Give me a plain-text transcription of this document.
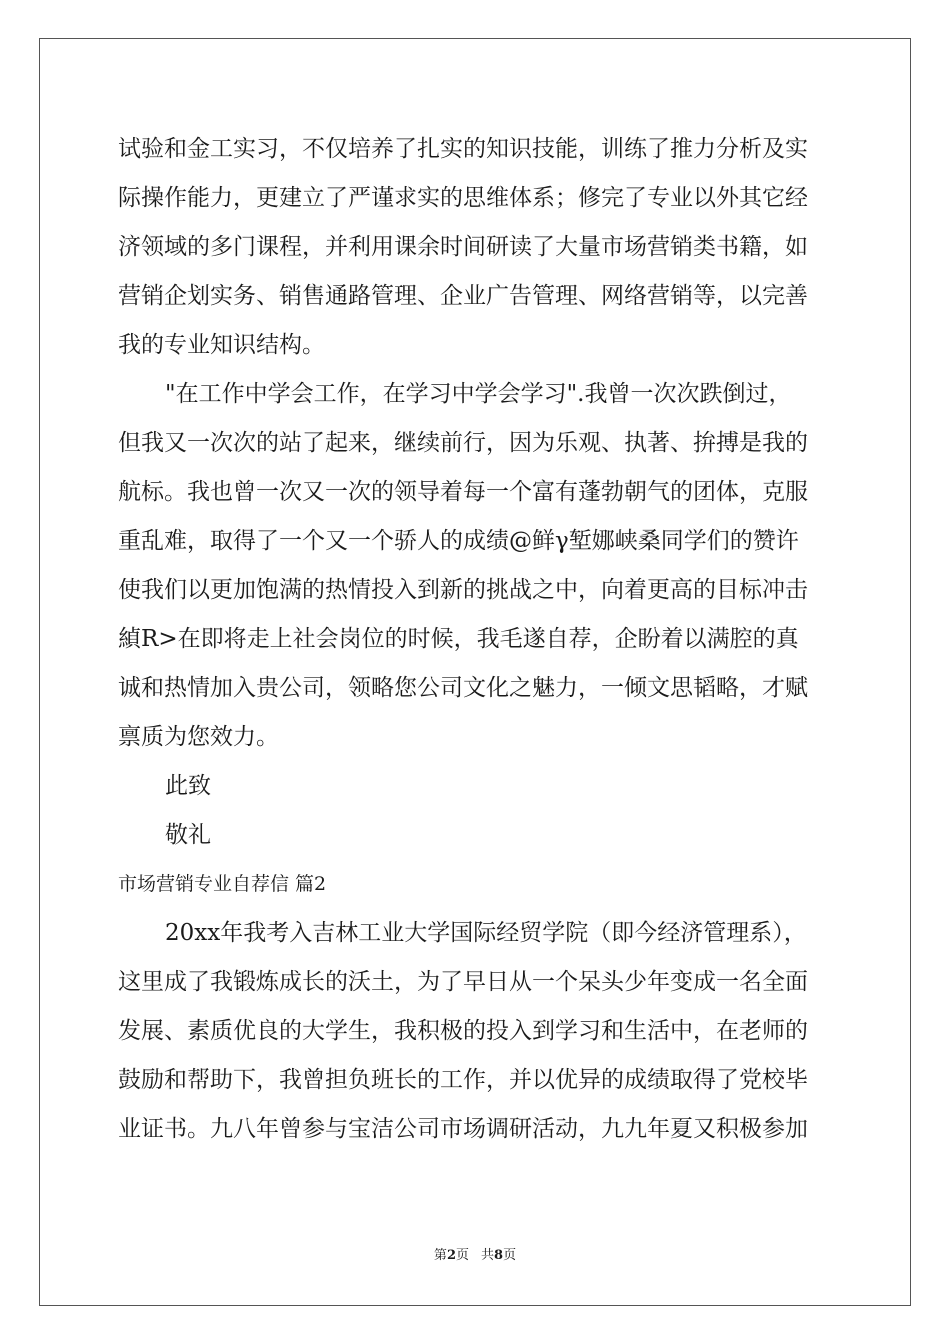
试验和金工实习，不仅培养了扎实的知识技能，训练了推力分析及实
际操作能力，更建立了严谨求实的思维体系；修完了专业以外其它经
济领域的多门课程，并利用课余时间研读了大量市场营销类书籍，如
营销企划实务、销售通路管理、企业广告管理、网络营销等，以完善
我的专业知识结构。
"在工作中学会工作，在学习中学会学习".我曾一次次跌倒过，
但我又一次次的站了起来，继续前行，因为乐观、执著、拚搏是我的
航标。我也曾一次又一次的领导着每一个富有蓬勃朝气的团体，克服
重乱难，取得了一个又一个骄人的成绩@鲜γ堑娜峡桑同学们的赞许
使我们以更加饱满的热情投入到新的挑战之中，向着更高的目标冲击
緽R>在即将走上社会岗位的时候，我毛遂自荐，企盼着以满腔的真
诚和热情加入贵公司，领略您公司文化之魅力，一倾文思韬略，才赋
禀质为您效力。
此致
敬礼
市场营销专业自荐信 篇2
20xx年我考入吉林工业大学国际经贸学院（即今经济管理系），
这里成了我锻炼成长的沃土，为了早日从一个呆头少年变成一名全面
发展、素质优良的大学生，我积极的投入到学习和生活中，在老师的
鼓励和帮助下，我曾担负班长的工作，并以优异的成绩取得了党校毕
业证书。九八年曾参与宝洁公司市场调研活动，九九年夏又积极参加
第2页 共8页
